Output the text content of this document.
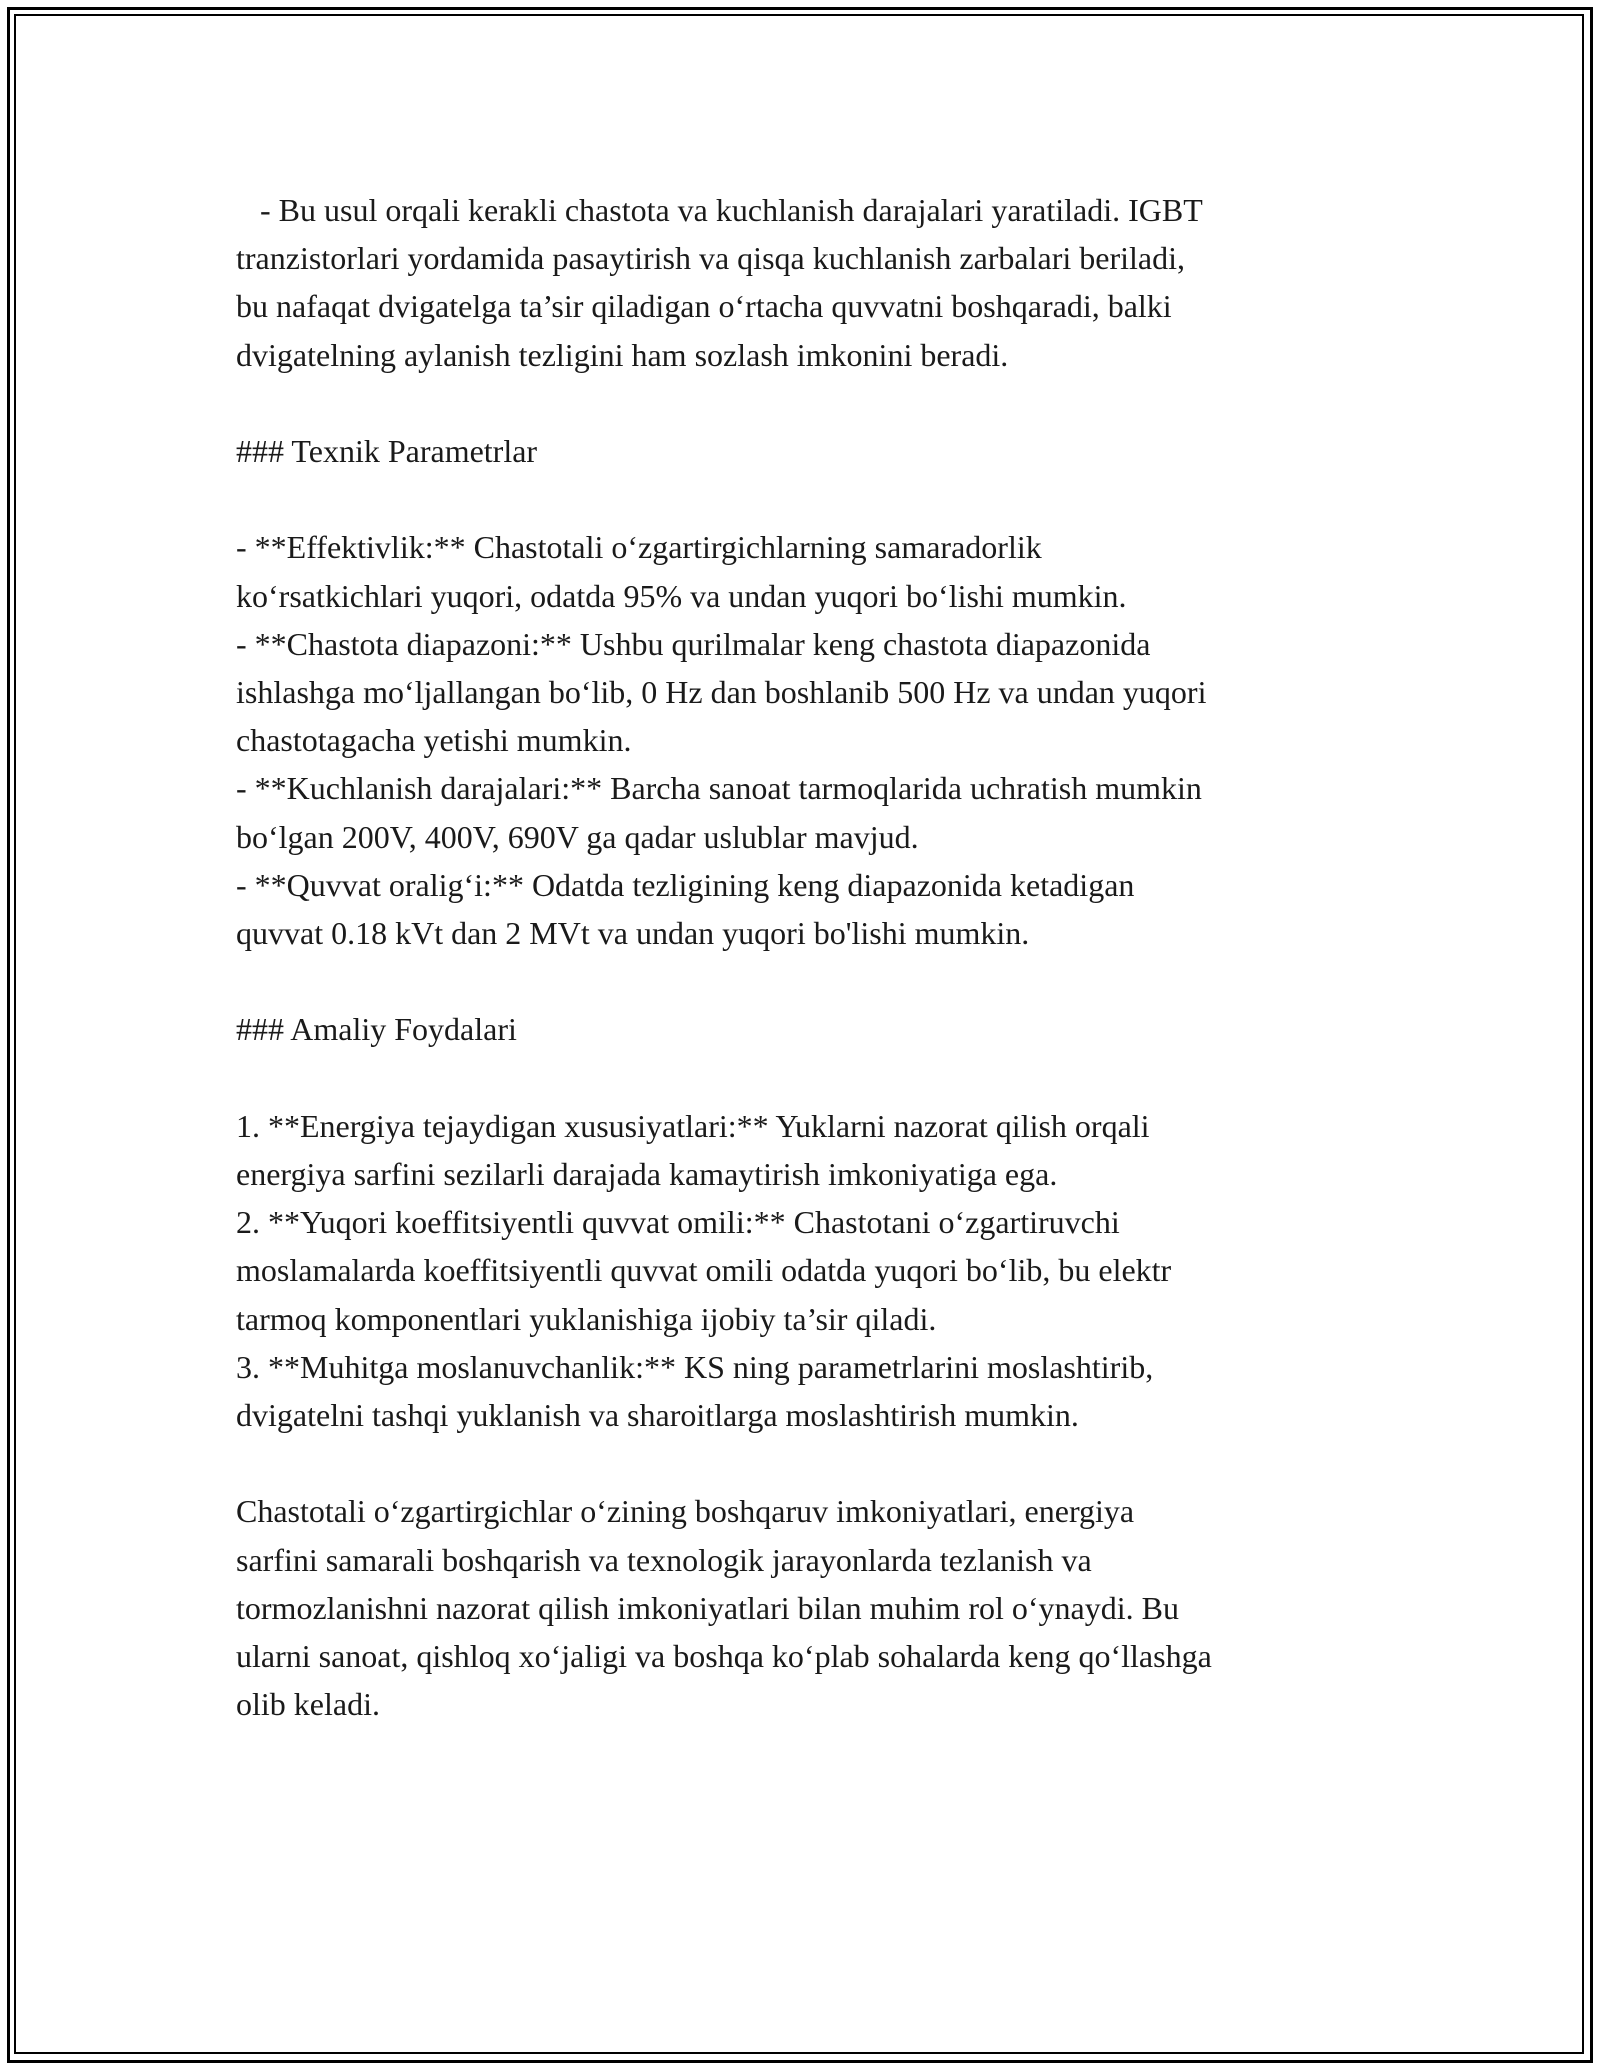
- Bu usul orqali kerakli chastota va kuchlanish darajalari yaratiladi. IGBT

tranzistorlari yordamida pasaytirish va qisqa kuchlanish zarbalari beriladi,

bu nafaqat dvigatelga ta’sir qiladigan o‘rtacha quvvatni boshqaradi, balki

dvigatelning aylanish tezligini ham sozlash imkonini beradi.

### Texnik Parametrlar

- **Effektivlik:** Chastotali o‘zgartirgichlarning samaradorlik

ko‘rsatkichlari yuqori, odatda 95% va undan yuqori bo‘lishi mumkin.

- **Chastota diapazoni:** Ushbu qurilmalar keng chastota diapazonida

ishlashga mo‘ljallangan bo‘lib, 0 Hz dan boshlanib 500 Hz va undan yuqori

chastotagacha yetishi mumkin.

- **Kuchlanish darajalari:** Barcha sanoat tarmoqlarida uchratish mumkin

bo‘lgan 200V, 400V, 690V ga qadar uslublar mavjud.

- **Quvvat oralig‘i:** Odatda tezligining keng diapazonida ketadigan

quvvat 0.18 kVt dan 2 MVt va undan yuqori bo'lishi mumkin.

### Amaliy Foydalari

1. **Energiya tejaydigan xususiyatlari:** Yuklarni nazorat qilish orqali

energiya sarfini sezilarli darajada kamaytirish imkoniyatiga ega.

2. **Yuqori koeffitsiyentli quvvat omili:** Chastotani o‘zgartiruvchi

moslamalarda koeffitsiyentli quvvat omili odatda yuqori bo‘lib, bu elektr

tarmoq komponentlari yuklanishiga ijobiy ta’sir qiladi.

3. **Muhitga moslanuvchanlik:** KS ning parametrlarini moslashtirib,

dvigatelni tashqi yuklanish va sharoitlarga moslashtirish mumkin.

Chastotali o‘zgartirgichlar o‘zining boshqaruv imkoniyatlari, energiya

sarfini samarali boshqarish va texnologik jarayonlarda tezlanish va

tormozlanishni nazorat qilish imkoniyatlari bilan muhim rol o‘ynaydi. Bu

ularni sanoat, qishloq xo‘jaligi va boshqa ko‘plab sohalarda keng qo‘llashga

olib keladi.
